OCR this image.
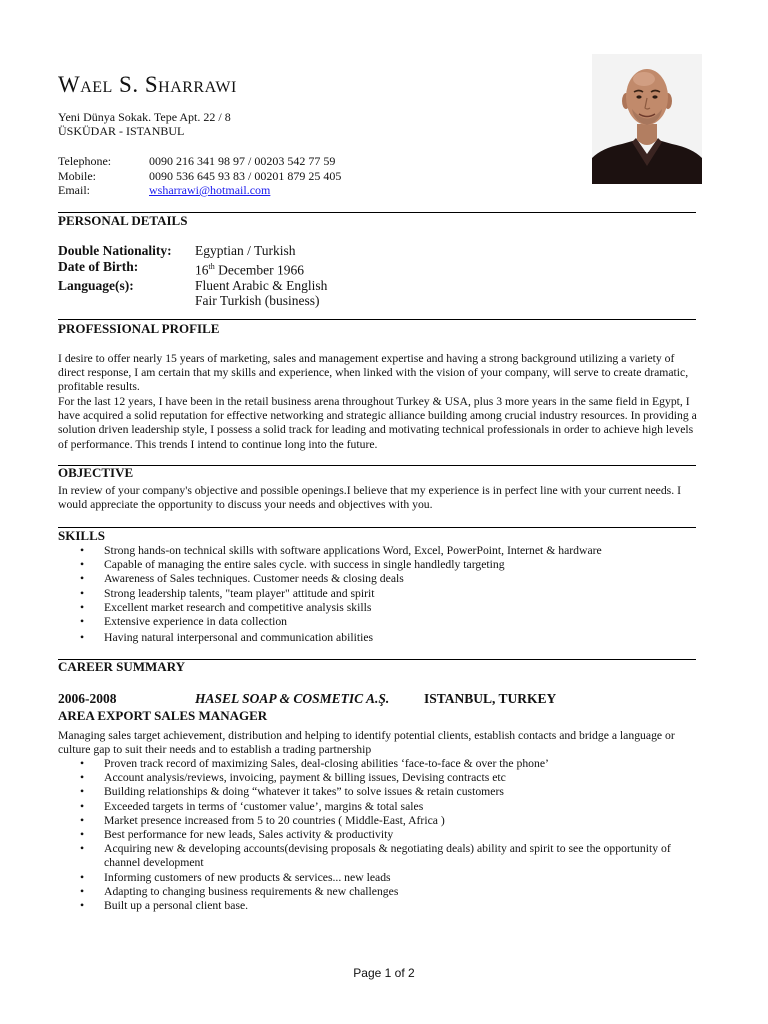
Wael S. Sharrawi
Yeni Dünya Sokak. Tepe Apt. 22 / 8
ÜSKÜDAR - ISTANBUL
Telephone:	0090 216 341 98 97 / 00203 542 77 59
Mobile:	0090 536 645 93 83 / 00201 879 25 405
Email:	wsharrawi@hotmail.com
PERSONAL DETAILS
Double Nationality:	Egyptian / Turkish
Date of Birth:	16th December 1966
Language(s):	Fluent Arabic & English
Fair Turkish (business)
PROFESSIONAL PROFILE

I desire to offer nearly 15 years of marketing, sales and management expertise and having a strong background utilizing a variety of direct response, I am certain that my skills and experience, when linked with the vision of your company, will serve to create dramatic, profitable results.

For the last 12 years, I have been in the retail business arena throughout Turkey & USA, plus 3 more years in the same field in Egypt, I have acquired a solid reputation for effective networking and strategic alliance building among crucial industry resources. In providing a solution driven leadership style, I possess a solid track for leading and motivating technical professionals in order to achieve high levels of performance. This trends I intend to continue long into the future.

OBJECTIVE

In review of your company's objective and possible openings.I believe that my experience is in perfect line with your current needs. I would appreciate the opportunity to discuss your needs and objectives with you.

SKILLS
• Strong hands-on technical skills with software applications Word, Excel, PowerPoint, Internet & hardware
• Capable of managing the entire sales cycle. with success in single handledly targeting
• Awareness of Sales techniques. Customer needs & closing deals
• Strong leadership talents, "team player" attitude and spirit
• Excellent market research and competitive analysis skills
• Extensive experience in data collection
• Having natural interpersonal and communication abilities
CAREER SUMMARY
2006-2008	HASEL SOAP & COSMETIC A.Ş.	ISTANBUL, TURKEY
AREA EXPORT SALES MANAGER

Managing sales target achievement, distribution and helping to identify potential clients, establish contacts and bridge a language or culture gap to suit their needs and to establish a trading partnership

• Proven track record of maximizing Sales, deal-closing abilities ‘face-to-face & over the phone’
• Account analysis/reviews, invoicing, payment & billing issues, Devising contracts etc
• Building relationships & doing “whatever it takes” to solve issues & retain customers
• Exceeded targets in terms of ‘customer value’, margins & total sales
• Market presence increased from 5 to 20 countries ( Middle-East, Africa )
• Best performance for new leads, Sales activity & productivity
• Acquiring new & developing accounts(devising proposals & negotiating deals) ability and spirit to see the opportunity of channel development
• Informing customers of new products & services... new leads
• Adapting to changing business requirements & new challenges
• Built up a personal client base.
Page 1 of 2
